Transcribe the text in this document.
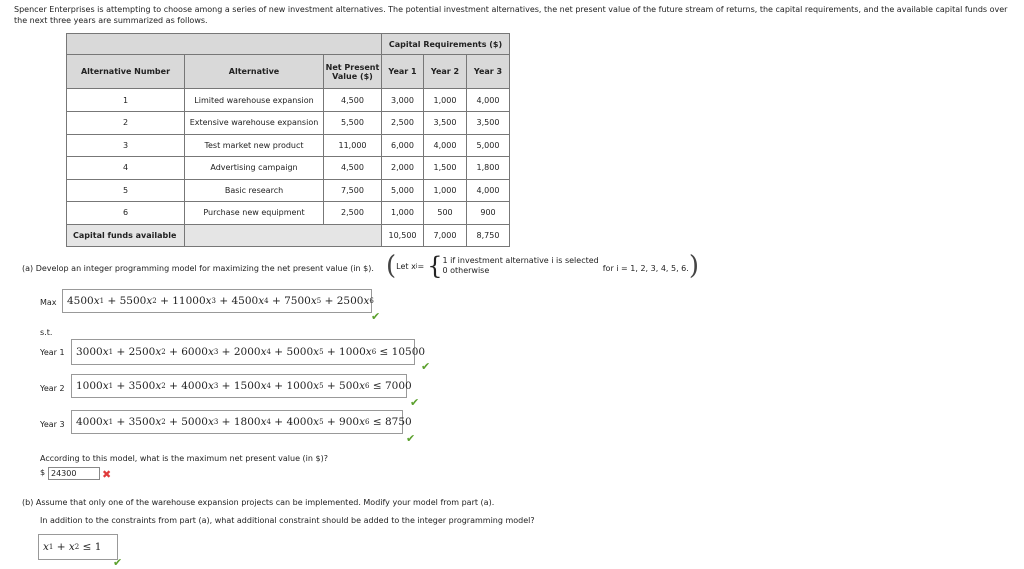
Spencer Enterprises is attempting to choose among a series of new investment alternatives. The potential investment alternatives, the net present value of the future stream of returns, the capital requirements, and the available capital funds over the next three years are summarized as follows.
			Capital Requirements ($)		
Alternative Number	Alternative	Net Present Value ($)	Year 1	Year 2	Year 3
1	Limited warehouse expansion	4,500	3,000	1,000	4,000
2	Extensive warehouse expansion	5,500	2,500	3,500	3,500
3	Test market new product	11,000	6,000	4,000	5,000
4	Advertising campaign	4,500	2,000	1,500	1,800
5	Basic research	7,500	5,000	1,000	4,000
6	Purchase new equipment	2,500	1,000	500	900
Capital funds available			10,500	7,000	8,750
(a) Develop an integer programming model for maximizing the net present value (in $). ( Let x i = { 1 if investment alternative i is selected
0 otherwise	for i = 1, 2, 3, 4, 5, 6. )
Max 4500 x 1 + 5500 x 2 + 11000 x 3 + 4500 x 4 + 7500 x 5 + 2500 x 6
✔
s.t.
Year 1 3000 x 1 + 2500 x 2 + 6000 x 3 + 2000 x 4 + 5000 x 5 + 1000 x 6 ≤ 10500
✔
Year 2 1000 x 1 + 3500 x 2 + 4000 x 3 + 1500 x 4 + 1000 x 5 + 500 x 6 ≤ 7000
✔
Year 3 4000 x 1 + 3500 x 2 + 5000 x 3 + 1800 x 4 + 4000 x 5 + 900 x 6 ≤ 8750
✔
According to this model, what is the maximum net present value (in $)?
$ 24300	✖
(b) Assume that only one of the warehouse expansion projects can be implemented. Modify your model from part (a).
In addition to the constraints from part (a), what additional constraint should be added to the integer programming model?
x 1 + x 2 ≤ 1
✔
